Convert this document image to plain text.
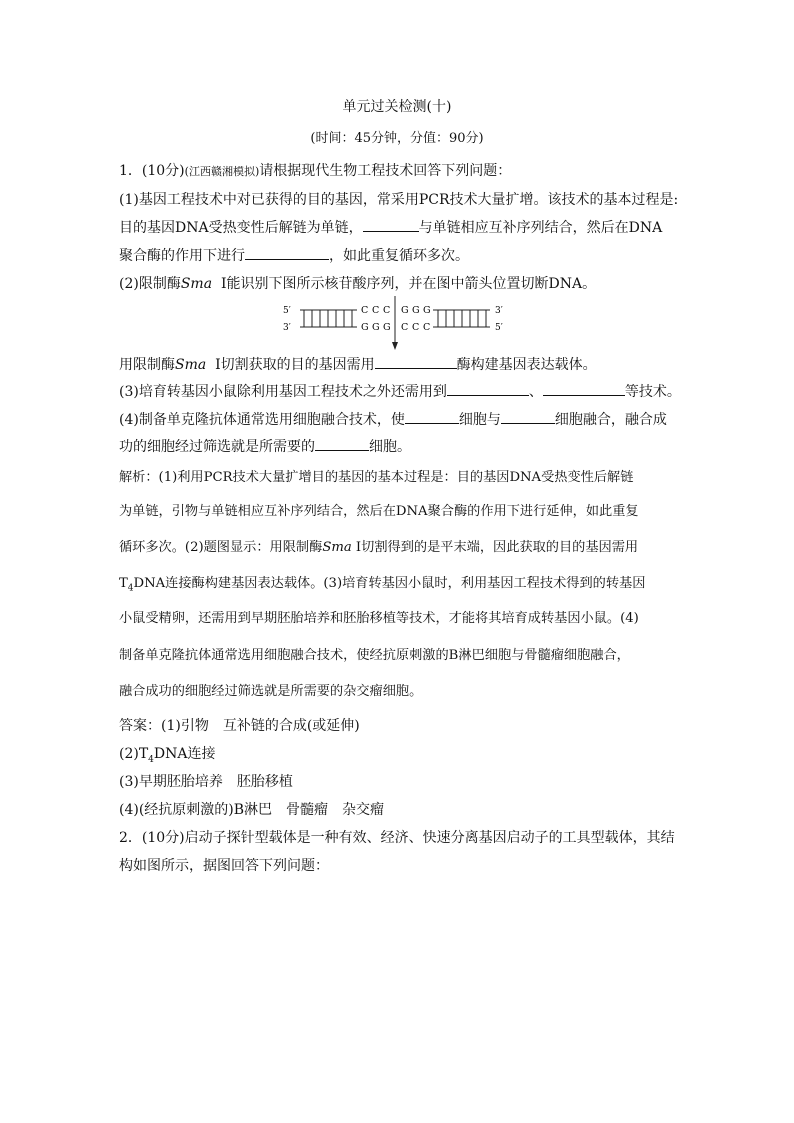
单元过关检测(十)
(时间：45分钟，分值：90分)
1．(10分)(江西赣湘模拟)请根据现代生物工程技术回答下列问题：
(1)基因工程技术中对已获得的目的基因，常采用PCR技术大量扩增。该技术的基本过程是:
目的基因DNA受热变性后解链为单链，	与单链相应互补序列结合，然后在DNA
聚合酶的作用下进行	，如此重复循环多次。
(2)限制酶Sma Ⅰ能识别下图所示核苷酸序列，并在图中箭头位置切断DNA。
5′
3′
C C C G G G
G G G C C C
3′
5′
用限制酶Sma Ⅰ切割获取的目的基因需用	酶构建基因表达载体。
(3)培育转基因小鼠除利用基因工程技术之外还需用到	、	等技术。
(4)制备单克隆抗体通常选用细胞融合技术，使	细胞与	细胞融合，融合成
功的细胞经过筛选就是所需要的	细胞。
解析：(1)利用PCR技术大量扩增目的基因的基本过程是：目的基因DNA受热变性后解链
为单链，引物与单链相应互补序列结合，然后在DNA聚合酶的作用下进行延伸，如此重复
循环多次。(2)题图显示：用限制酶Sma Ⅰ切割得到的是平末端，因此获取的目的基因需用
$T_4DNA$连接酶构建基因表达载体。(3)培育转基因小鼠时，利用基因工程技术得到的转基因
小鼠受精卵，还需用到早期胚胎培养和胚胎移植等技术，才能将其培育成转基因小鼠。(4)
制备单克隆抗体通常选用细胞融合技术，使经抗原刺激的B淋巴细胞与骨髓瘤细胞融合，
融合成功的细胞经过筛选就是所需要的杂交瘤细胞。
答案：(1)引物　互补链的合成(或延伸)
$(2)T_4DNA$连接
(3)早期胚胎培养　胚胎移植
(4)(经抗原刺激的)B淋巴　骨髓瘤　杂交瘤
2．(10分)启动子探针型载体是一种有效、经济、快速分离基因启动子的工具型载体，其结
构如图所示，据图回答下列问题：
